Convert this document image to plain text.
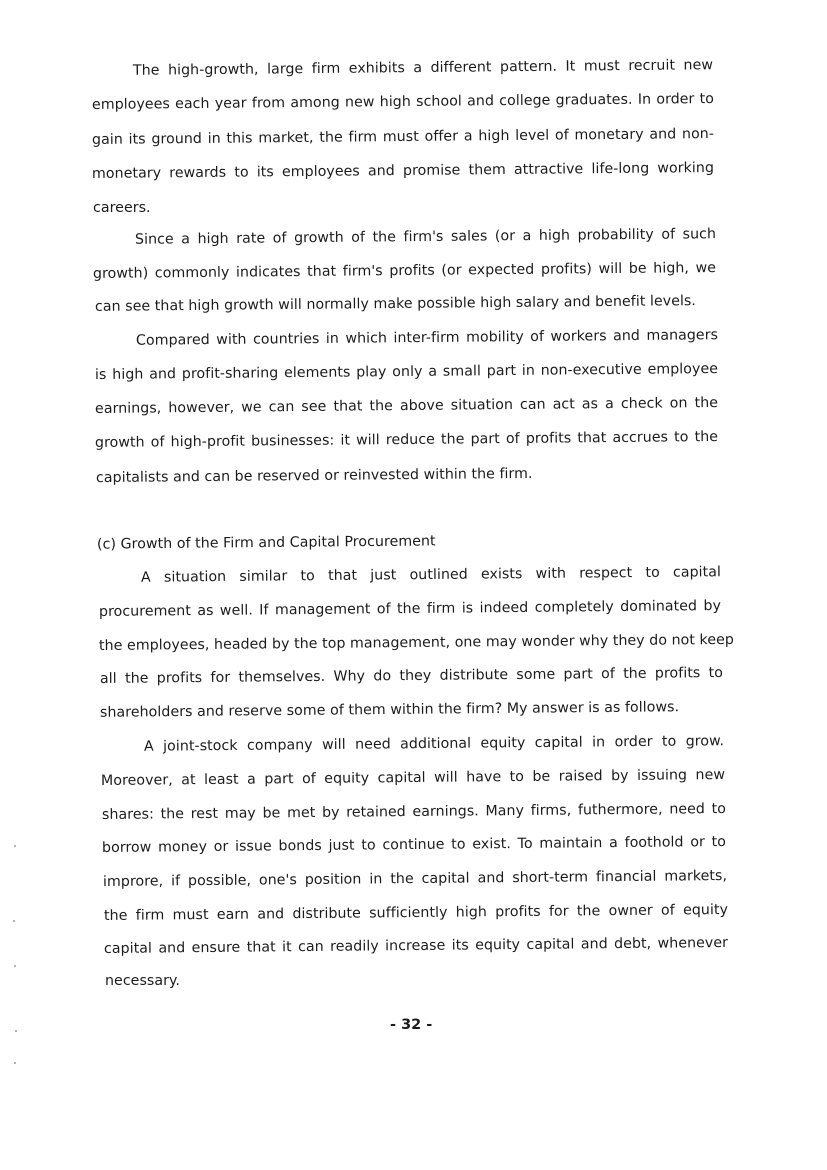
The high-growth, large firm exhibits a different pattern. It must recruit new
employees each year from among new high school and college graduates. In order to
gain its ground in this market, the firm must offer a high level of monetary and non-
monetary rewards to its employees and promise them attractive life-long working
careers.
Since a high rate of growth of the firm's sales (or a high probability of such
growth) commonly indicates that firm's profits (or expected profits) will be high, we
can see that high growth will normally make possible high salary and benefit levels.
Compared with countries in which inter-firm mobility of workers and managers
is high and profit-sharing elements play only a small part in non-executive employee
earnings, however, we can see that the above situation can act as a check on the
growth of high-profit businesses: it will reduce the part of profits that accrues to the
capitalists and can be reserved or reinvested within the firm.
(c) Growth of the Firm and Capital Procurement
A situation similar to that just outlined exists with respect to capital
procurement as well. If management of the firm is indeed completely dominated by
the employees, headed by the top management, one may wonder why they do not keep
all the profits for themselves. Why do they distribute some part of the profits to
shareholders and reserve some of them within the firm? My answer is as follows.
A joint-stock company will need additional equity capital in order to grow.
Moreover, at least a part of equity capital will have to be raised by issuing new
shares: the rest may be met by retained earnings. Many firms, futhermore, need to
borrow money or issue bonds just to continue to exist. To maintain a foothold or to
improre, if possible, one's position in the capital and short-term financial markets,
the firm must earn and distribute sufficiently high profits for the owner of equity
capital and ensure that it can readily increase its equity capital and debt, whenever
necessary.
- 32 -
